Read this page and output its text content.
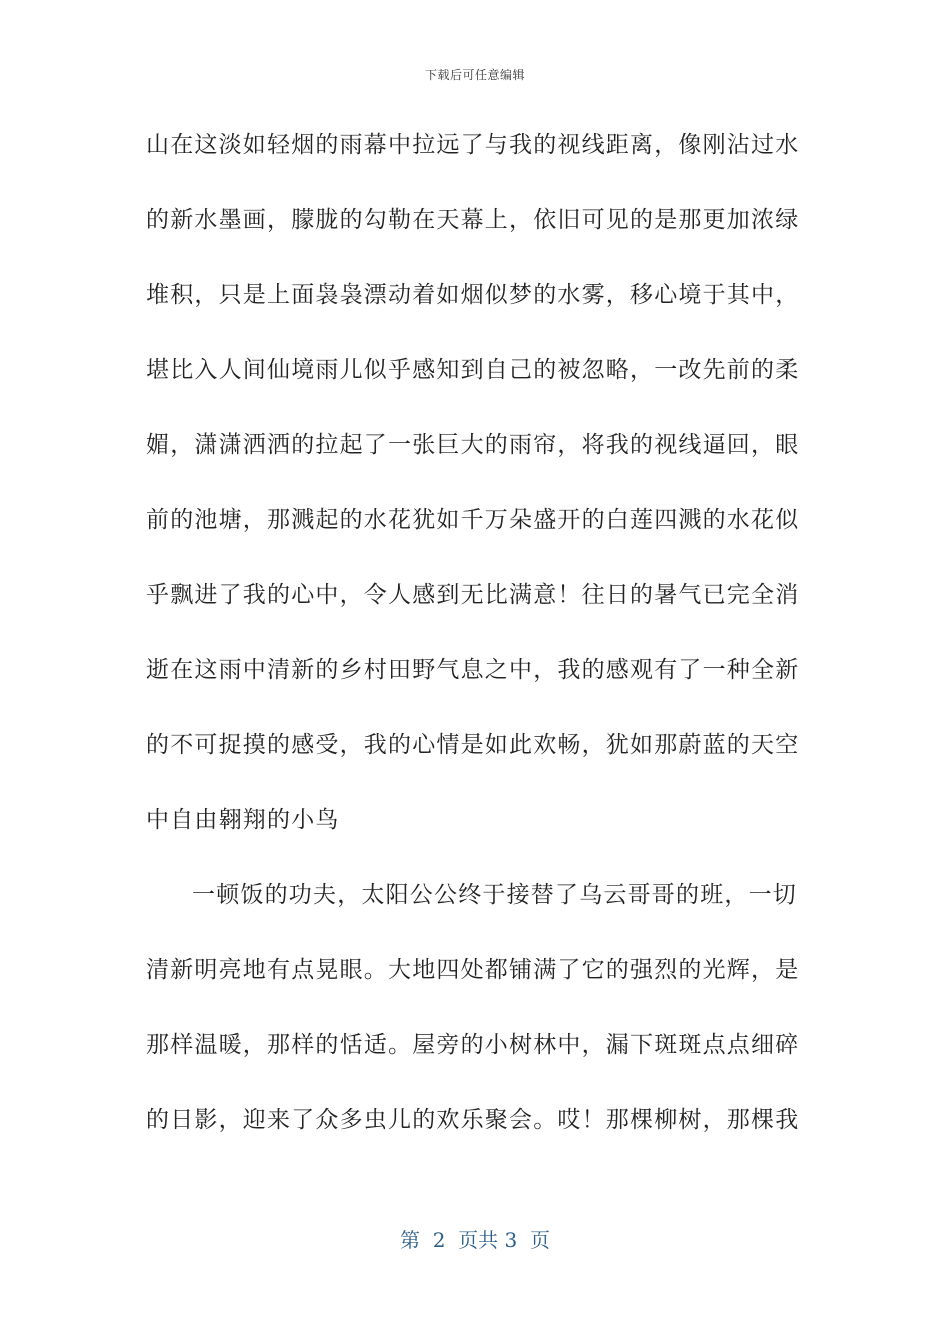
下载后可任意编辑
山在这淡如轻烟的雨幕中拉远了与我的视线距离，像刚沾过水
的新水墨画，朦胧的勾勒在天幕上，依旧可见的是那更加浓绿
堆积，只是上面袅袅漂动着如烟似梦的水雾，移心境于其中，
堪比入人间仙境雨儿似乎感知到自己的被忽略，一改先前的柔
媚，潇潇洒洒的拉起了一张巨大的雨帘，将我的视线逼回，眼
前的池塘，那溅起的水花犹如千万朵盛开的白莲四溅的水花似
乎飘进了我的心中，令人感到无比满意！往日的暑气已完全消
逝在这雨中清新的乡村田野气息之中，我的感观有了一种全新
的不可捉摸的感受，我的心情是如此欢畅，犹如那蔚蓝的天空
中自由翱翔的小鸟
一顿饭的功夫，太阳公公终于接替了乌云哥哥的班，一切
清新明亮地有点晃眼。大地四处都铺满了它的强烈的光辉，是
那样温暖，那样的恬适。屋旁的小树林中，漏下斑斑点点细碎
的日影，迎来了众多虫儿的欢乐聚会。哎！那棵柳树，那棵我
第  2  页共 3  页
